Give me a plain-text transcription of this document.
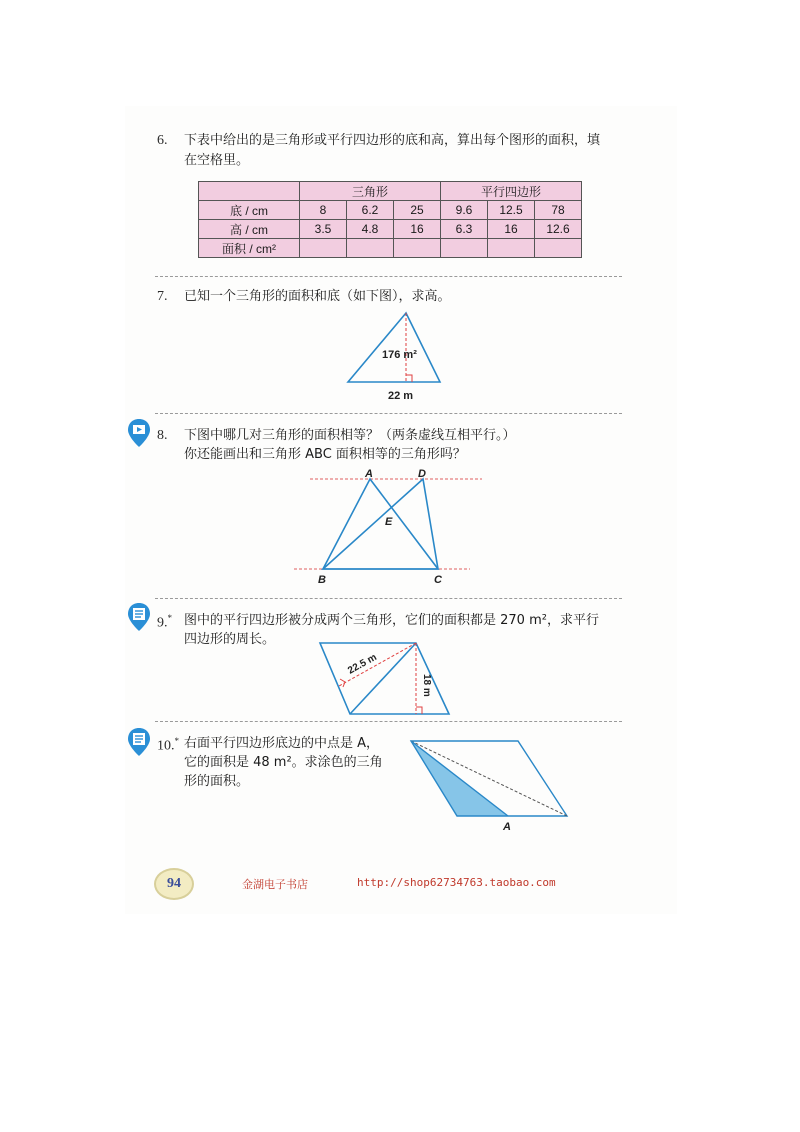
6. 下表中给出的是三角形或平行四边形的底和高，算出每个图形的面积，填
在空格里。
	三角形			平行四边形		
底 / cm	8	6.2	25	9.6	12.5	78
高 / cm	3.5	4.8	16	6.3	16	12.6
面积 / cm²						
7. 已知一个三角形的面积和底（如下图），求高。
176 m²
22 m
8. 下图中哪几对三角形的面积相等？（两条虚线互相平行。）
你还能画出和三角形 ABC 面积相等的三角形吗？
A	D
E
B	C
9.* 图中的平行四边形被分成两个三角形，它们的面积都是 270 m²，求平行
四边形的周长。
22.5 m
18 m
10.* 右面平行四边形底边的中点是 A，
它的面积是 48 m²。求涂色的三角
形的面积。
A
94	金湖电子书店	http://shop62734763.taobao.com
